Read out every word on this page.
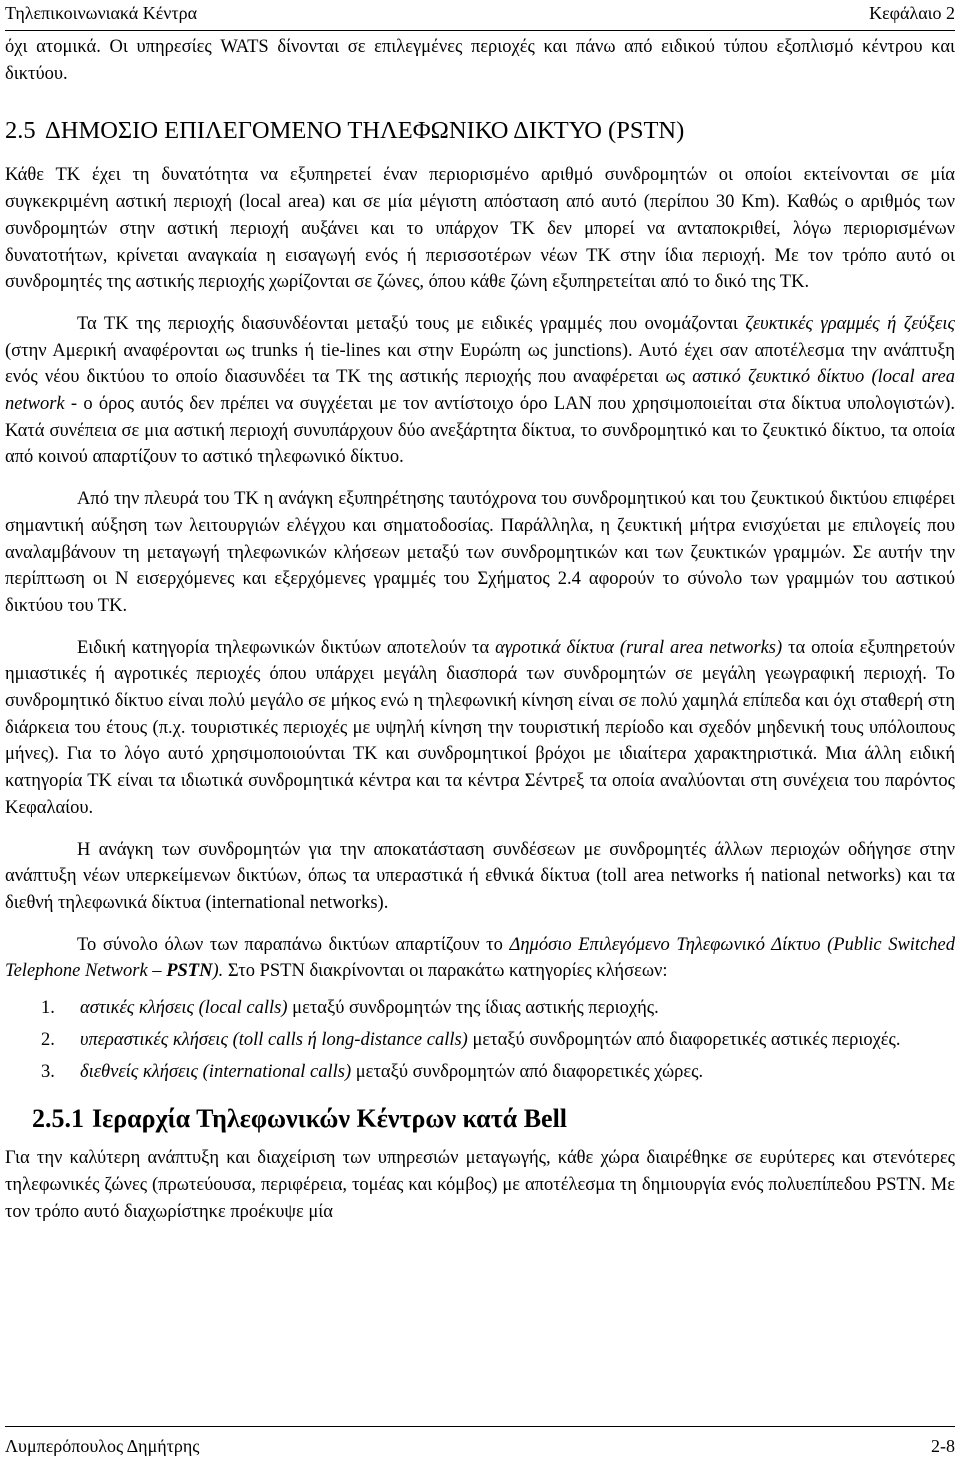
Τηλεπικοινωνιακά Κέντρα	Κεφάλαιο 2

όχι ατομικά. Οι υπηρεσίες WATS δίνονται σε επιλεγμένες περιοχές και πάνω από ειδικού τύπου εξοπλισμό κέντρου και δικτύου.

2.5 ΔΗΜΟΣΙΟ ΕΠΙΛΕΓΟΜΕΝΟ ΤΗΛΕΦΩΝΙΚΟ ΔΙΚΤΥΟ (PSTN)

Κάθε ΤΚ έχει τη δυνατότητα να εξυπηρετεί έναν περιορισμένο αριθμό συνδρομητών οι οποίοι εκτείνονται σε μία συγκεκριμένη αστική περιοχή (local area) και σε μία μέγιστη απόσταση από αυτό (περίπου 30 Km). Καθώς ο αριθμός των συνδρομητών στην αστική περιοχή αυξάνει και το υπάρχον ΤΚ δεν μπορεί να ανταποκριθεί, λόγω περιορισμένων δυνατοτήτων, κρίνεται αναγκαία η εισαγωγή ενός ή περισσοτέρων νέων ΤΚ στην ίδια περιοχή. Με τον τρόπο αυτό οι συνδρομητές της αστικής περιοχής χωρίζονται σε ζώνες, όπου κάθε ζώνη εξυπηρετείται από το δικό της ΤΚ.

Τα ΤΚ της περιοχής διασυνδέονται μεταξύ τους με ειδικές γραμμές που ονομάζονται ζευκτικές γραμμές ή ζεύξεις (στην Αμερική αναφέρονται ως trunks ή tie-lines και στην Ευρώπη ως junctions). Αυτό έχει σαν αποτέλεσμα την ανάπτυξη ενός νέου δικτύου το οποίο διασυνδέει τα ΤΚ της αστικής περιοχής που αναφέρεται ως αστικό ζευκτικό δίκτυο (local area network - ο όρος αυτός δεν πρέπει να συγχέεται με τον αντίστοιχο όρο LAN που χρησιμοποιείται στα δίκτυα υπολογιστών). Κατά συνέπεια σε μια αστική περιοχή συνυπάρχουν δύο ανεξάρτητα δίκτυα, το συνδρομητικό και το ζευκτικό δίκτυο, τα οποία από κοινού απαρτίζουν το αστικό τηλεφωνικό δίκτυο.

Από την πλευρά του ΤΚ η ανάγκη εξυπηρέτησης ταυτόχρονα του συνδρομητικού και του ζευκτικού δικτύου επιφέρει σημαντική αύξηση των λειτουργιών ελέγχου και σηματοδοσίας. Παράλληλα, η ζευκτική μήτρα ενισχύεται με επιλογείς που αναλαμβάνουν τη μεταγωγή τηλεφωνικών κλήσεων μεταξύ των συνδρομητικών και των ζευκτικών γραμμών. Σε αυτήν την περίπτωση οι Ν εισερχόμενες και εξερχόμενες γραμμές του Σχήματος 2.4 αφορούν το σύνολο των γραμμών του αστικού δικτύου του ΤΚ.

Ειδική κατηγορία τηλεφωνικών δικτύων αποτελούν τα αγροτικά δίκτυα (rural area networks) τα οποία εξυπηρετούν ημιαστικές ή αγροτικές περιοχές όπου υπάρχει μεγάλη διασπορά των συνδρομητών σε μεγάλη γεωγραφική περιοχή. Το συνδρομητικό δίκτυο είναι πολύ μεγάλο σε μήκος ενώ η τηλεφωνική κίνηση είναι σε πολύ χαμηλά επίπεδα και όχι σταθερή στη διάρκεια του έτους (π.χ. τουριστικές περιοχές με υψηλή κίνηση την τουριστική περίοδο και σχεδόν μηδενική τους υπόλοιπους μήνες). Για το λόγο αυτό χρησιμοποιούνται ΤΚ και συνδρομητικοί βρόχοι με ιδιαίτερα χαρακτηριστικά. Μια άλλη ειδική κατηγορία ΤΚ είναι τα ιδιωτικά συνδρομητικά κέντρα και τα κέντρα Σέντρεξ τα οποία αναλύονται στη συνέχεια του παρόντος Κεφαλαίου.

Η ανάγκη των συνδρομητών για την αποκατάσταση συνδέσεων με συνδρομητές άλλων περιοχών οδήγησε στην ανάπτυξη νέων υπερκείμενων δικτύων, όπως τα υπεραστικά ή εθνικά δίκτυα (toll area networks ή national networks) και τα διεθνή τηλεφωνικά δίκτυα (international networks).

Το σύνολο όλων των παραπάνω δικτύων απαρτίζουν το Δημόσιο Επιλεγόμενο Τηλεφωνικό Δίκτυο (Public Switched Telephone Network – PSTN). Στο PSTN διακρίνονται οι παρακάτω κατηγορίες κλήσεων:

1. αστικές κλήσεις (local calls) μεταξύ συνδρομητών της ίδιας αστικής περιοχής.
2. υπεραστικές κλήσεις (toll calls ή long-distance calls) μεταξύ συνδρομητών από διαφορετικές αστικές περιοχές.
3. διεθνείς κλήσεις (international calls) μεταξύ συνδρομητών από διαφορετικές χώρες.
2.5.1 Ιεραρχία Τηλεφωνικών Κέντρων κατά Bell

Για την καλύτερη ανάπτυξη και διαχείριση των υπηρεσιών μεταγωγής, κάθε χώρα διαιρέθηκε σε ευρύτερες και στενότερες τηλεφωνικές ζώνες (πρωτεύουσα, περιφέρεια, τομέας και κόμβος) με αποτέλεσμα τη δημιουργία ενός πολυεπίπεδου PSTN. Με τον τρόπο αυτό διαχωρίστηκε προέκυψε μία

Λυμπερόπουλος Δημήτρης	2-8
